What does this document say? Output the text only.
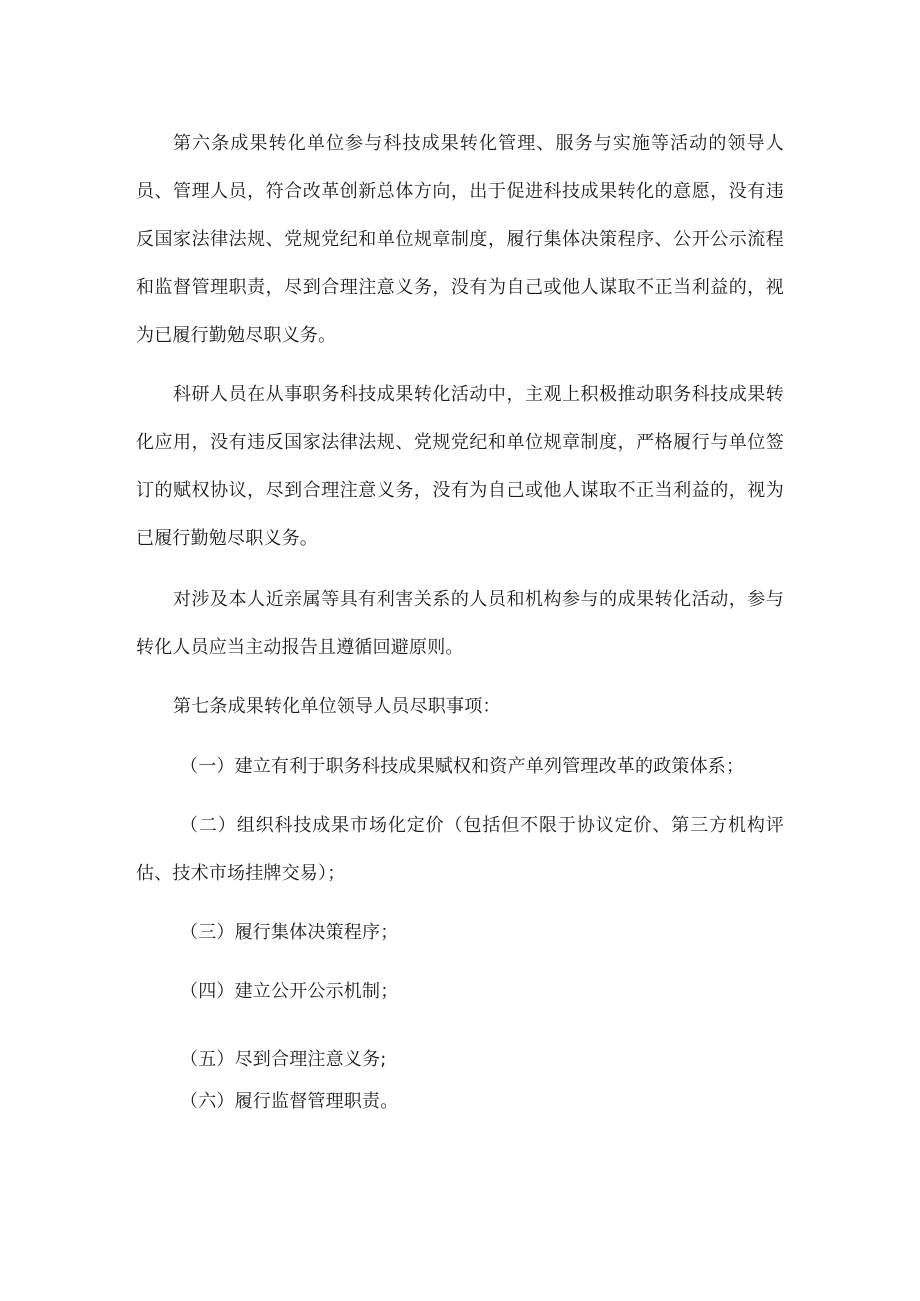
第六条成果转化单位参与科技成果转化管理、服务与实施等活动的领导人员、管理人员，符合改革创新总体方向，出于促进科技成果转化的意愿，没有违反国家法律法规、党规党纪和单位规章制度，履行集体决策程序、公开公示流程和监督管理职责，尽到合理注意义务，没有为自己或他人谋取不正当利益的，视为已履行勤勉尽职义务。

科研人员在从事职务科技成果转化活动中，主观上积极推动职务科技成果转化应用，没有违反国家法律法规、党规党纪和单位规章制度，严格履行与单位签订的赋权协议，尽到合理注意义务，没有为自己或他人谋取不正当利益的，视为已履行勤勉尽职义务。

对涉及本人近亲属等具有利害关系的人员和机构参与的成果转化活动，参与转化人员应当主动报告且遵循回避原则。

第七条成果转化单位领导人员尽职事项：

（一）建立有利于职务科技成果赋权和资产单列管理改革的政策体系；

（二）组织科技成果市场化定价（包括但不限于协议定价、第三方机构评估、技术市场挂牌交易）；

（三）履行集体决策程序；

（四）建立公开公示机制；

（五）尽到合理注意义务;

（六）履行监督管理职责。
